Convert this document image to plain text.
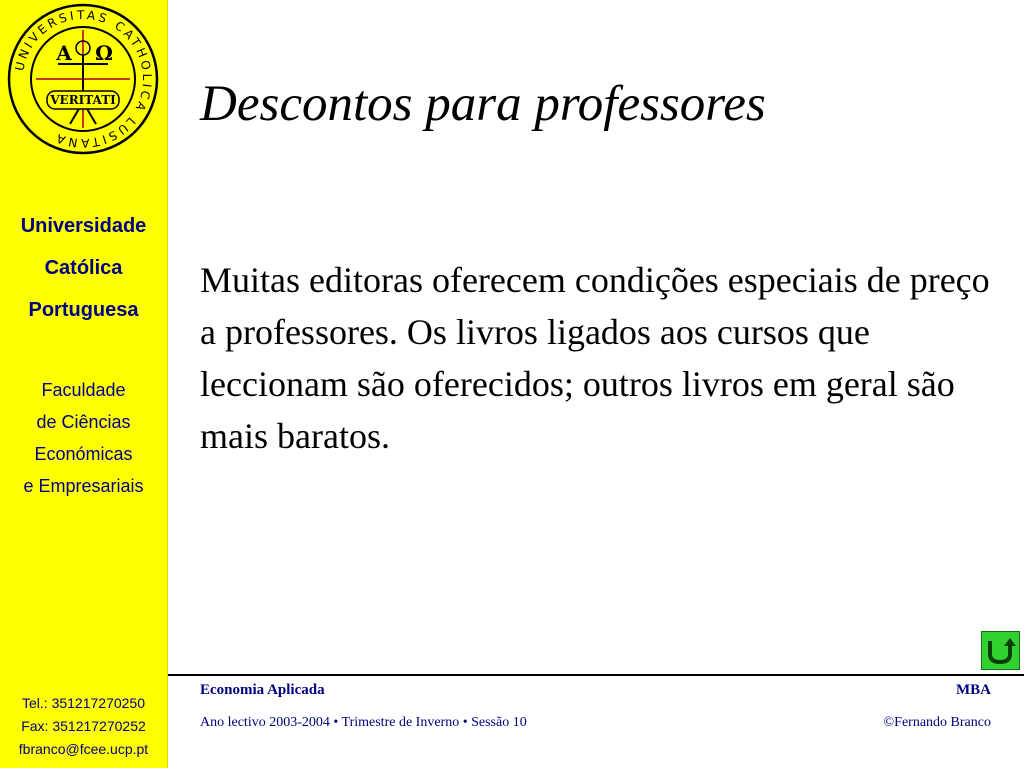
UNIVERSITAS CATHOLICA LUSITANA
A Ω
VERITATI
Universidade
Católica
Portuguesa
Faculdade
de Ciências
Económicas
e Empresariais
Tel.: 351217270250
Fax: 351217270252
fbranco@fcee.ucp.pt
Descontos para professores

Muitas editoras oferecem condições especiais de preço a professores. Os livros ligados aos cursos que leccionam são oferecidos; outros livros em geral são mais baratos.

Economia Aplicada	MBA
Ano lectivo 2003-2004 • Trimestre de Inverno • Sessão 10	©Fernando Branco
